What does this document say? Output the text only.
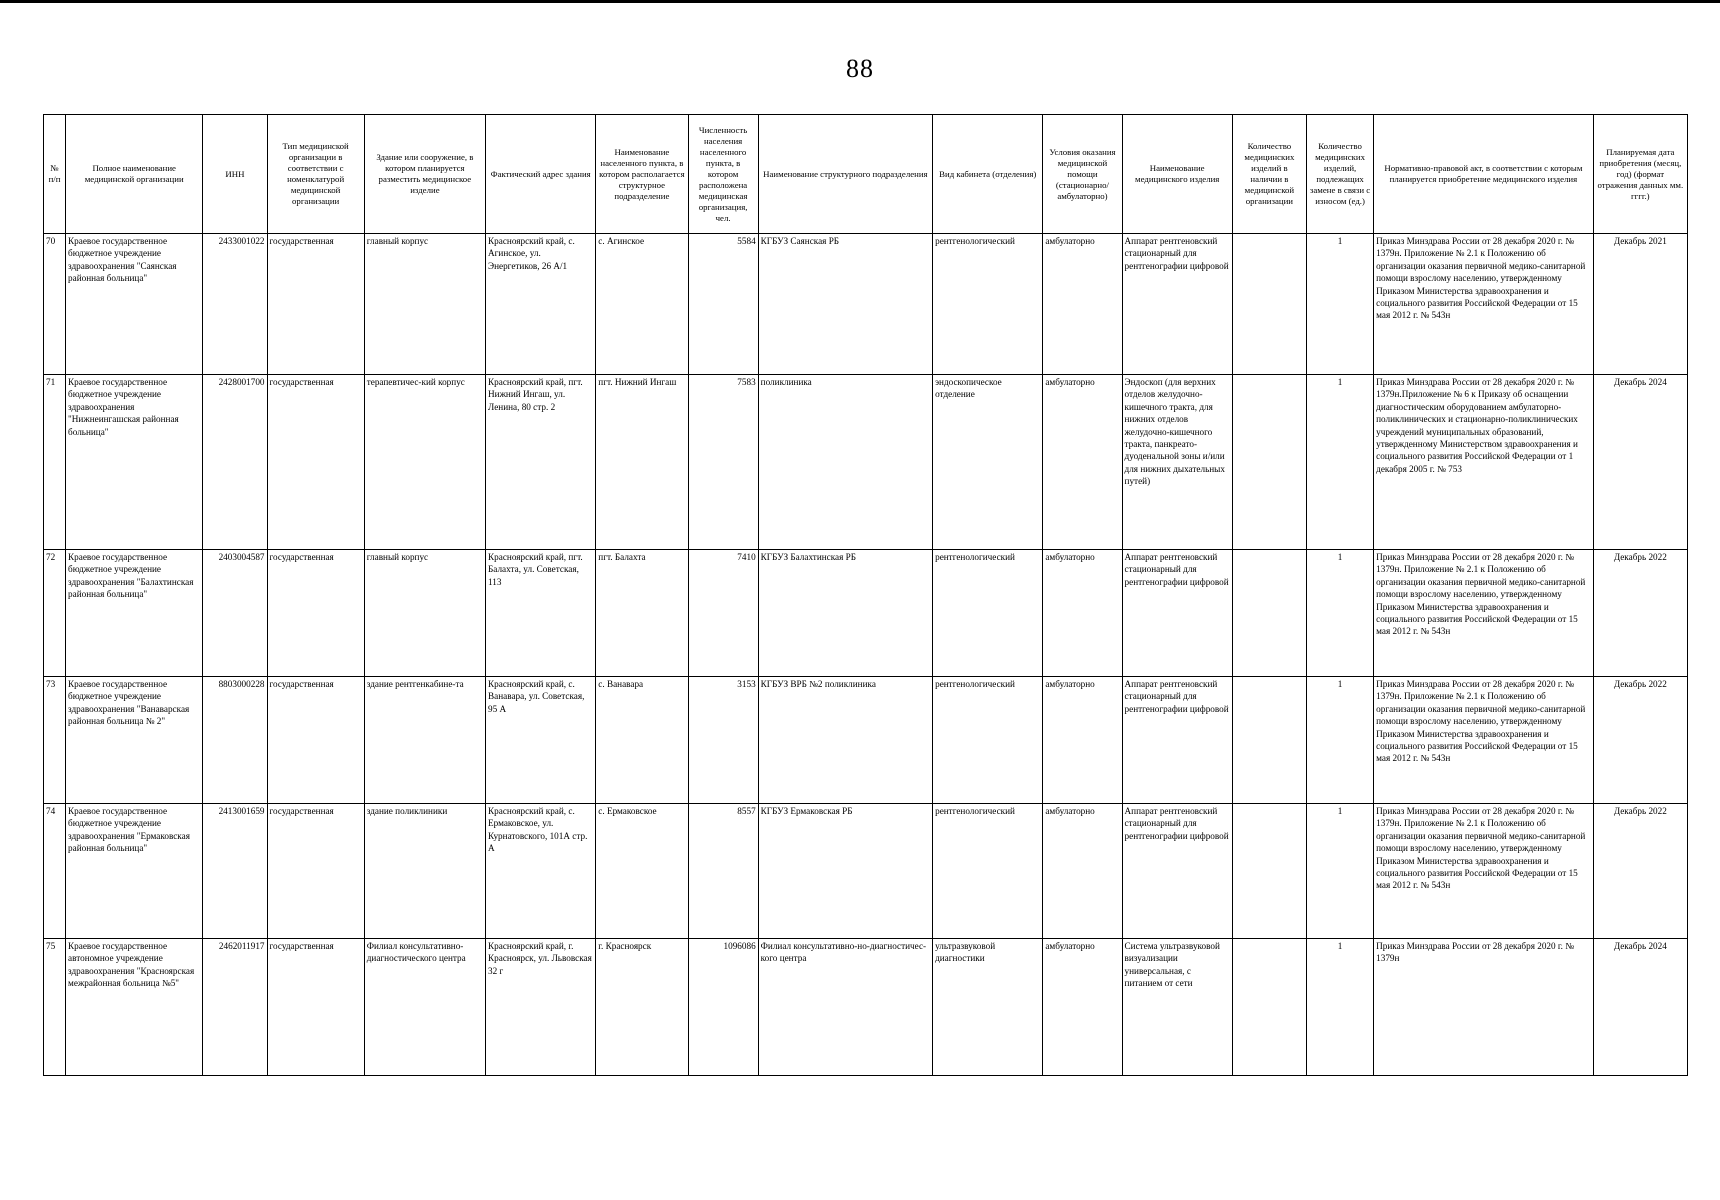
88
№ п/п	Полное наименование медицинской организации	ИНН	Тип медицинской организации в соответствии с номенклатурой медицинской организации	Здание или сооружение, в котором планируется разместить медицинское изделие	Фактический адрес здания	Наименование населенного пункта, в котором располагается структурное подразделение	Численность населения населенного пункта, в котором расположена медицинская организация, чел.	Наименование структурного подразделения	Вид кабинета (отделения)	Условия оказания медицинской помощи (стационарно/ амбулаторно)	Наименование медицинского изделия	Количество медицинских изделий в наличии в медицинской организации	Количество медицинских изделий, подлежащих замене в связи с износом (ед.)	Нормативно-правовой акт, в соответствии с которым планируется приобретение медицинского изделия	Планируемая дата приобретения (месяц, год) (формат отражения данных мм. гггг.)
70	Краевое государственное бюджетное учреждение здравоохранения "Саянская районная больница"	2433001022	государственная	главный корпус	Красноярский край, с. Агинское, ул. Энергетиков, 26 А/1	с. Агинское	5584	КГБУЗ Саянская РБ	рентгенологический	амбулаторно	Аппарат рентгеновский стационарный для рентгенографии цифровой		1	Приказ Минздрава России от 28 декабря 2020 г. № 1379н. Приложение № 2.1 к Положению об организации оказания первичной медико-санитарной помощи взрослому населению, утвержденному Приказом Министерства здравоохранения и социального развития Российской Федерации от 15 мая 2012 г. № 543н	Декабрь 2021
71	Краевое государственное бюджетное учреждение здравоохранения "Нижнеингашская районная больница"	2428001700	государственная	терапевтичес-кий корпус	Красноярский край, пгт. Нижний Ингаш, ул. Ленина, 80 стр. 2	пгт. Нижний Ингаш	7583	поликлиника	эндоскопическое отделение	амбулаторно	Эндоскоп (для верхних отделов желудочно-кишечного тракта, для нижних отделов желудочно-кишечного тракта, панкреато-дуоденальной зоны и/или для нижних дыхательных путей)		1	Приказ Минздрава России от 28 декабря 2020 г. № 1379н.Приложение № 6 к Приказу об оснащении диагностическим оборудованием амбулаторно-поликлинических и стационарно-поликлинических учреждений муниципальных образований, утвержденному Министерством здравоохранения и социального развития Российской Федерации от 1 декабря 2005 г. № 753	Декабрь 2024
72	Краевое государственное бюджетное учреждение здравоохранения "Балахтинская районная больница"	2403004587	государственная	главный корпус	Красноярский край, пгт. Балахта, ул. Советская, 113	пгт. Балахта	7410	КГБУЗ Балахтинская РБ	рентгенологический	амбулаторно	Аппарат рентгеновский стационарный для рентгенографии цифровой		1	Приказ Минздрава России от 28 декабря 2020 г. № 1379н. Приложение № 2.1 к Положению об организации оказания первичной медико-санитарной помощи взрослому населению, утвержденному Приказом Министерства здравоохранения и социального развития Российской Федерации от 15 мая 2012 г. № 543н	Декабрь 2022
73	Краевое государственное бюджетное учреждение здравоохранения "Ванаварская районная больница № 2"	8803000228	государственная	здание рентгенкабине-та	Красноярский край, с. Ванавара, ул. Советская, 95 А	с. Ванавара	3153	КГБУЗ ВРБ №2 поликлиника	рентгенологический	амбулаторно	Аппарат рентгеновский стационарный для рентгенографии цифровой		1	Приказ Минздрава России от 28 декабря 2020 г. № 1379н. Приложение № 2.1 к Положению об организации оказания первичной медико-санитарной помощи взрослому населению, утвержденному Приказом Министерства здравоохранения и социального развития Российской Федерации от 15 мая 2012 г. № 543н	Декабрь 2022
74	Краевое государственное бюджетное учреждение здравоохранения "Ермаковская районная больница"	2413001659	государственная	здание поликлиники	Красноярский край, с. Ермаковское, ул. Курнатовского, 101А стр. А	с. Ермаковское	8557	КГБУЗ Ермаковская РБ	рентгенологический	амбулаторно	Аппарат рентгеновский стационарный для рентгенографии цифровой		1	Приказ Минздрава России от 28 декабря 2020 г. № 1379н. Приложение № 2.1 к Положению об организации оказания первичной медико-санитарной помощи взрослому населению, утвержденному Приказом Министерства здравоохранения и социального развития Российской Федерации от 15 мая 2012 г. № 543н	Декабрь 2022
75	Краевое государственное автономное учреждение здравоохранения "Красноярская межрайонная больница №5"	2462011917	государственная	Филиал консультативно-диагностического центра	Красноярский край, г. Красноярск, ул. Львовская 32 г	г. Красноярск	1096086	Филиал консультативно-но-диагностичес-кого центра	ультразвуковой диагностики	амбулаторно	Система ультразвуковой визуализации универсальная, с питанием от сети		1	Приказ Минздрава России от 28 декабря 2020 г. № 1379н	Декабрь 2024
